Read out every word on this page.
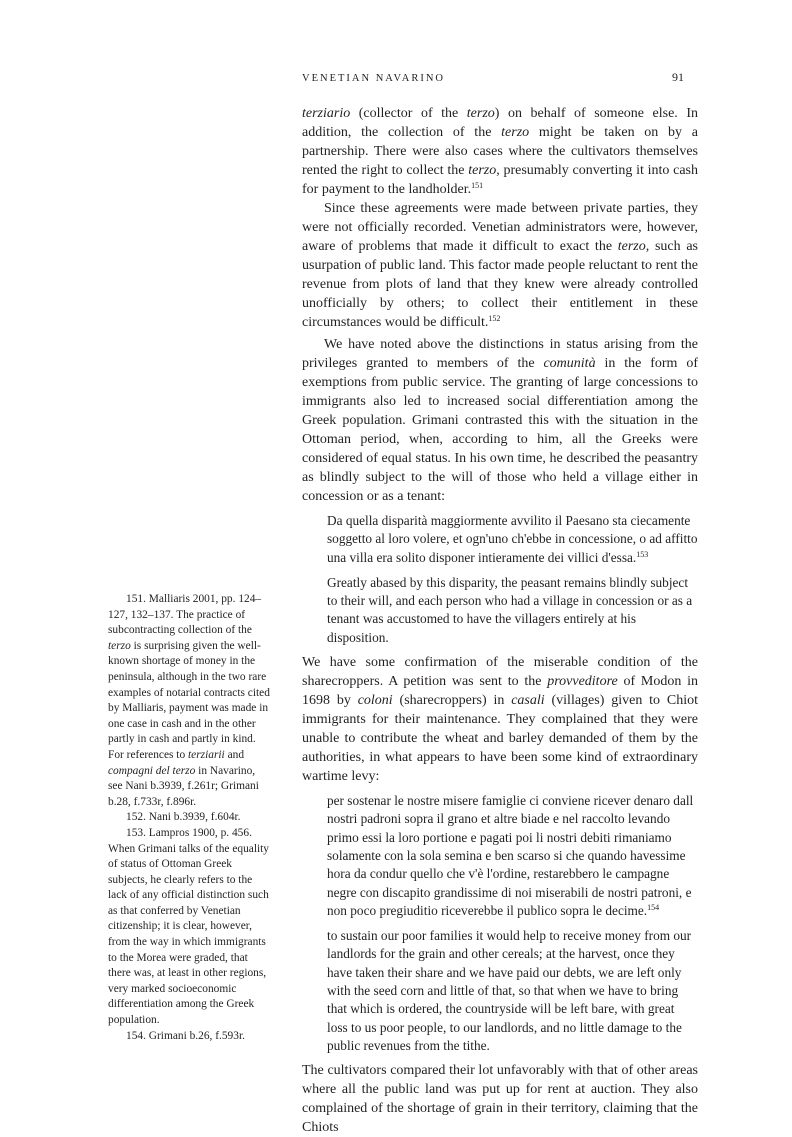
VENETIAN NAVARINO	91

terziario (collector of the terzo) on behalf of someone else. In addition, the collection of the terzo might be taken on by a partnership. There were also cases where the cultivators themselves rented the right to collect the terzo, presumably converting it into cash for payment to the landholder.$^{151}$

Since these agreements were made between private parties, they were not officially recorded. Venetian administrators were, however, aware of problems that made it difficult to exact the terzo, such as usurpation of public land. This factor made people reluctant to rent the revenue from plots of land that they knew were already controlled unofficially by others; to collect their entitlement in these circumstances would be difficult.$^{152}$

We have noted above the distinctions in status arising from the privileges granted to members of the comunità in the form of exemptions from public service. The granting of large concessions to immigrants also led to increased social differentiation among the Greek population. Grimani contrasted this with the situation in the Ottoman period, when, according to him, all the Greeks were considered of equal status. In his own time, he described the peasantry as blindly subject to the will of those who held a village either in concession or as a tenant:

Da quella disparità maggiormente avvilito il Paesano sta ciecamente soggetto al loro volere, et ogn'uno ch'ebbe in concessione, o ad affitto una villa era solito disponer intieramente dei villici d'essa.$^{153}$

Greatly abased by this disparity, the peasant remains blindly subject to their will, and each person who had a village in concession or as a tenant was accustomed to have the villagers entirely at his disposition.

We have some confirmation of the miserable condition of the sharecroppers. A petition was sent to the provveditore of Modon in 1698 by coloni (sharecroppers) in casali (villages) given to Chiot immigrants for their maintenance. They complained that they were unable to contribute the wheat and barley demanded of them by the authorities, in what appears to have been some kind of extraordinary wartime levy:

per sostenar le nostre misere famiglie ci conviene ricever denaro dall nostri padroni sopra il grano et altre biade e nel raccolto levando primo essi la loro portione e pagati poi li nostri debiti rimaniamo solamente con la sola semina e ben scarso si che quando havessime hora da condur quello che v'è l'ordine, restarebbero le campagne negre con discapito grandissime di noi miserabili de nostri patroni, e non poco pregiuditio riceverebbe il publico sopra le decime.$^{154}$

to sustain our poor families it would help to receive money from our landlords for the grain and other cereals; at the harvest, once they have taken their share and we have paid our debts, we are left only with the seed corn and little of that, so that when we have to bring that which is ordered, the countryside will be left bare, with great loss to us poor people, to our landlords, and no little damage to the public revenues from the tithe.

The cultivators compared their lot unfavorably with that of other areas where all the public land was put up for rent at auction. They also complained of the shortage of grain in their territory, claiming that the Chiots

151. Malliaris 2001, pp. 124–127, 132–137. The practice of subcontracting collection of the terzo is surprising given the well-known shortage of money in the peninsula, although in the two rare examples of notarial contracts cited by Malliaris, payment was made in one case in cash and in the other partly in cash and partly in kind. For references to terziarii and compagni del terzo in Navarino, see Nani b.3939, f.261r; Grimani b.28, f.733r, f.896r.

152. Nani b.3939, f.604r.

153. Lampros 1900, p. 456. When Grimani talks of the equality of status of Ottoman Greek subjects, he clearly refers to the lack of any official distinction such as that conferred by Venetian citizenship; it is clear, however, from the way in which immigrants to the Morea were graded, that there was, at least in other regions, very marked socioeconomic differentiation among the Greek population.

154. Grimani b.26, f.593r.
